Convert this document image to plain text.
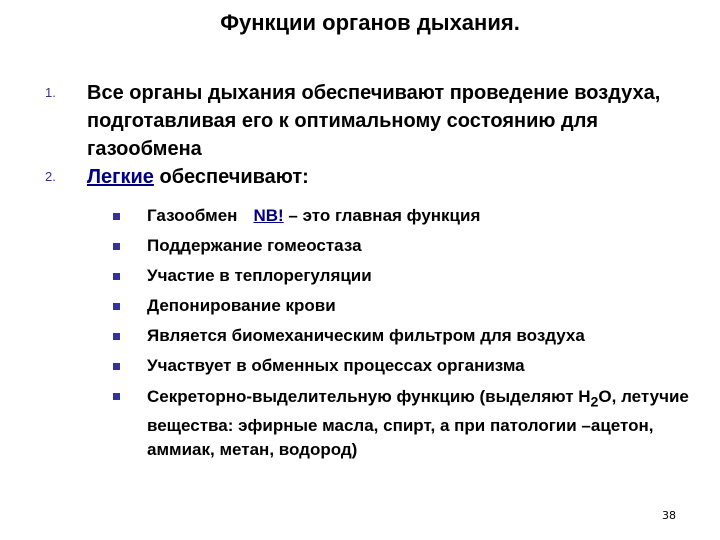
Функции органов дыхания.
1. Все органы дыхания обеспечивают проведение воздуха, подготавливая его к оптимальному состоянию для газообмена
2. Легкие обеспечивают:
Газообмен NB! – это главная функция
Поддержание гомеостаза
Участие в теплорегуляции
Депонирование крови
Является биомеханическим фильтром для воздуха
Участвует в обменных процессах организма
Секреторно-выделительную функцию (выделяют $H_2O$, летучие вещества: эфирные масла, спирт, а при патологии –ацетон, аммиак, метан, водород)
38
